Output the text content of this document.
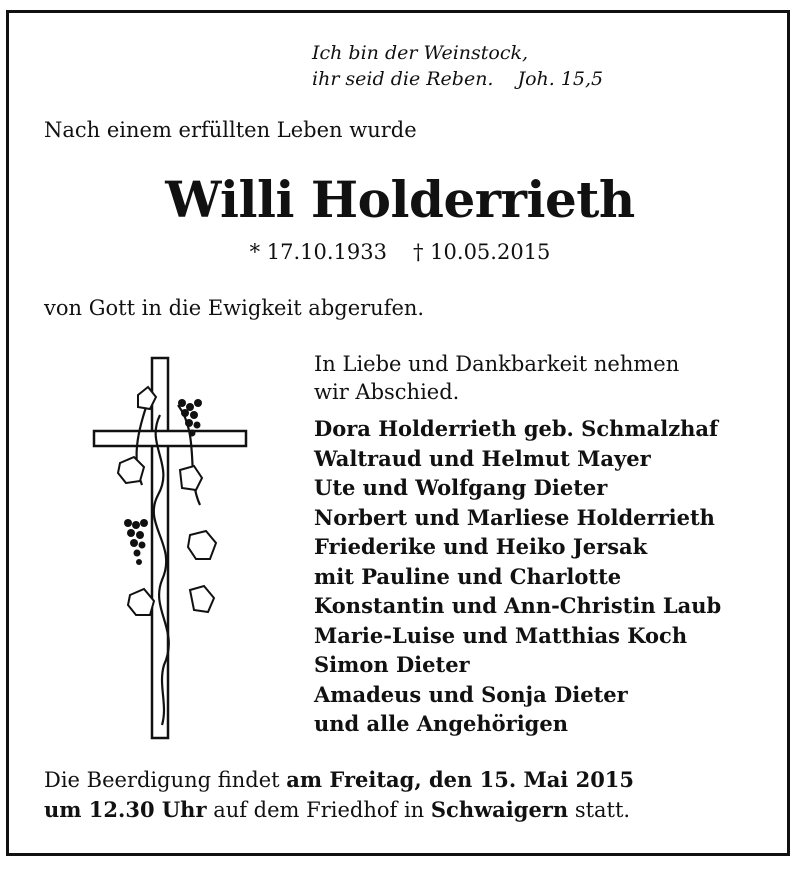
Ich bin der Weinstock,
ihr seid die Reben. Joh. 15,5
Nach einem erfüllten Leben wurde
Willi Holderrieth
* 17.10.1933 † 10.05.2015
von Gott in die Ewigkeit abgerufen.
In Liebe und Dankbarkeit nehmen
wir Abschied.
Dora Holderrieth geb. Schmalzhaf
Waltraud und Helmut Mayer
Ute und Wolfgang Dieter
Norbert und Marliese Holderrieth
Friederike und Heiko Jersak
mit Pauline und Charlotte
Konstantin und Ann-Christin Laub
Marie-Luise und Matthias Koch
Simon Dieter
Amadeus und Sonja Dieter
und alle Angehörigen
Die Beerdigung findet am Freitag, den 15. Mai 2015
um 12.30 Uhr auf dem Friedhof in Schwaigern statt.
